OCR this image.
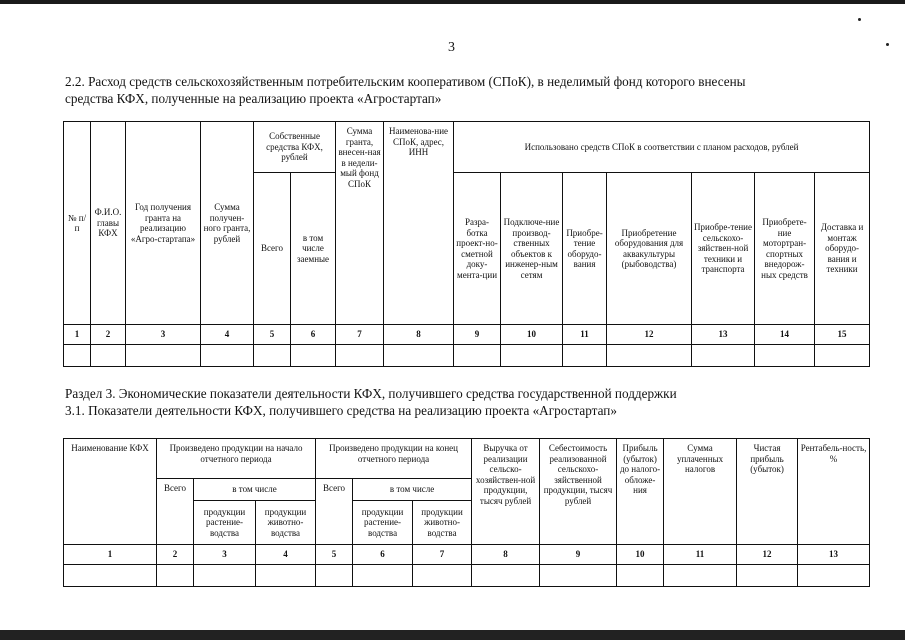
3
2.2. Расход средств сельскохозяйственным потребительским кооперативом (СПоК), в неделимый фонд которого внесены
средства КФХ, полученные на реализацию проекта «Агростартап»
№ п/п	Ф.И.О. главы КФХ	Год получения гранта на реализацию «Агро-стартапа»	Сумма получен-ного гранта, рублей	Собственные средства КФХ, рублей		Сумма гранта, внесен-ная в недели-мый фонд СПоК	Наименова-ние СПоК, адрес, ИНН	Использовано средств СПоК в соответствии с планом расходов, рублей						
				Всего	в том числе заемные			Разра-ботка проект-но-сметной доку-мента-ции	Подключе-ние производ-ственных объектов к инженер-ным сетям	Приобре-тение оборудо-вания	Приобретение оборудования для аквакультуры (рыбоводства)	Приобре-тение сельскохо-зяйствен-ной техники и транспорта	Приобрете-ние мотортран-спортных внедорож-ных средств	Доставка и монтаж оборудо-вания и техники
1	2	3	4	5	6	7	8	9	10	11	12	13	14	15

Раздел 3. Экономические показатели деятельности КФХ, получившего средства государственной поддержки
3.1. Показатели деятельности КФХ, получившего средства на реализацию проекта «Агростартап»
Наименование КФХ	Произведено продукции на начало отчетного периода			Произведено продукции на конец отчетного периода			Выручка от реализации сельско-хозяйствен-ной продукции, тысяч рублей	Себестоимость реализованной сельскохо-зяйственной продукции, тысяч рублей	Прибыль (убыток) до налого-обложе-ния	Сумма уплаченных налогов	Чистая прибыль (убыток)	Рентабель-ность, %
	Всего	в том числе		Всего	в том числе							
		продукции растение-водства	продукции животно-водства		продукции растение-водства	продукции животно-водства						
1	2	3	4	5	6	7	8	9	10	11	12	13
